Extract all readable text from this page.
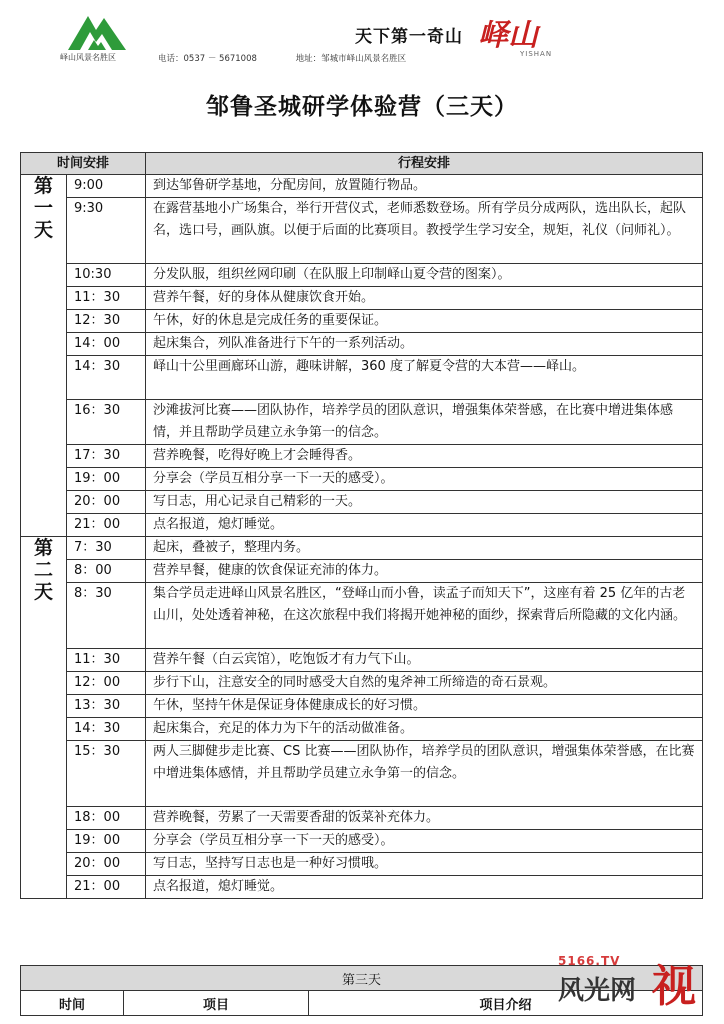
峄山风景名胜区	电话：0537 － 5671008	地址：邹城市峄山风景名胜区
天下第一奇山 峄山
YISHAN
邹鲁圣城研学体验营（三天）
时间安排		行程安排
第
一
天	9:00	到达邹鲁研学基地，分配房间，放置随行物品。
	9:30	在露营基地小广场集合，举行开营仪式，老师悉数登场。所有学员分成两队，选出队长，起队名，选口号，画队旗。以便于后面的比赛项目。教授学生学习安全，规矩，礼仪（问师礼）。
	10:30	分发队服，组织丝网印刷（在队服上印制峄山夏令营的图案）。
	11：30	营养午餐，好的身体从健康饮食开始。
	12：30	午休，好的休息是完成任务的重要保证。
	14：00	起床集合，列队准备进行下午的一系列活动。
	14：30	峄山十公里画廊环山游，趣味讲解，360 度了解夏令营的大本营——峄山。
	16：30	沙滩拔河比赛——团队协作，培养学员的团队意识，增强集体荣誉感，在比赛中增进集体感情，并且帮助学员建立永争第一的信念。
	17：30	营养晚餐，吃得好晚上才会睡得香。
	19：00	分享会（学员互相分享一下一天的感受）。
	20：00	写日志，用心记录自己精彩的一天。
	21：00	点名报道，熄灯睡觉。
第
二
天	7：30	起床，叠被子，整理内务。
	8：00	营养早餐，健康的饮食保证充沛的体力。
	8：30	集合学员走进峄山风景名胜区，“登峄山而小鲁，读孟子而知天下”，这座有着 25 亿年的古老山川，处处透着神秘，在这次旅程中我们将揭开她神秘的面纱，探索背后所隐藏的文化内涵。
	11：30	营养午餐（白云宾馆），吃饱饭才有力气下山。
	12：00	步行下山，注意安全的同时感受大自然的鬼斧神工所缔造的奇石景观。
	13：30	午休，坚持午休是保证身体健康成长的好习惯。
	14：30	起床集合，充足的体力为下午的活动做准备。
	15：30	两人三脚健步走比赛、CS 比赛——团队协作，培养学员的团队意识，增强集体荣誉感，在比赛中增进集体感情，并且帮助学员建立永争第一的信念。
	18：00	营养晚餐，劳累了一天需要香甜的饭菜补充体力。
	19：00	分享会（学员互相分享一下一天的感受）。
	20：00	写日志，坚持写日志也是一种好习惯哦。
	21：00	点名报道，熄灯睡觉。
第三天
时间	项目	项目介绍
5166.TV
风光网 视
